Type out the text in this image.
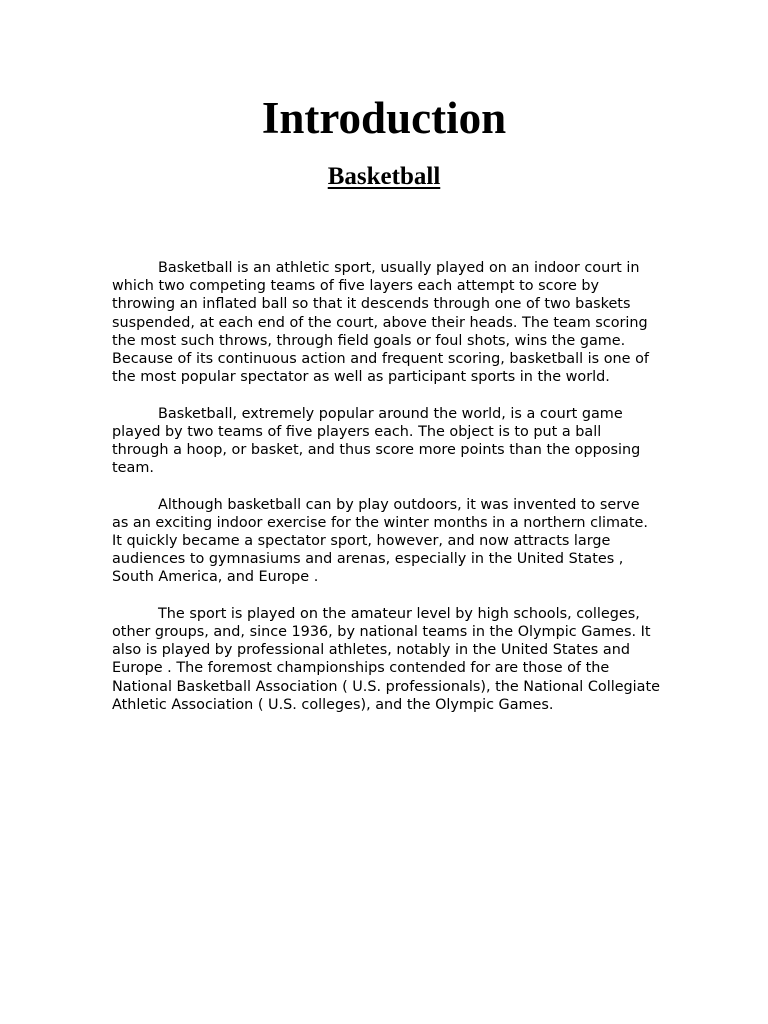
Introduction
Basketball

Basketball is an athletic sport, usually played on an indoor court in which two competing teams of five layers each attempt to score by throwing an inflated ball so that it descends through one of two baskets suspended, at each end of the court, above their heads. The team scoring the most such throws, through field goals or foul shots, wins the game. Because of its continuous action and frequent scoring, basketball is one of the most popular spectator as well as participant sports in the world.

Basketball, extremely popular around the world, is a court game played by two teams of five players each. The object is to put a ball through a hoop, or basket, and thus score more points than the opposing team.

Although basketball can by play outdoors, it was invented to serve as an exciting indoor exercise for the winter months in a northern climate. It quickly became a spectator sport, however, and now attracts large audiences to gymnasiums and arenas, especially in the United States , South America, and Europe .

The sport is played on the amateur level by high schools, colleges, other groups, and, since 1936, by national teams in the Olympic Games. It also is played by professional athletes, notably in the United States and Europe . The foremost championships contended for are those of the National Basketball Association ( U.S. professionals), the National Collegiate Athletic Association ( U.S. colleges), and the Olympic Games.
